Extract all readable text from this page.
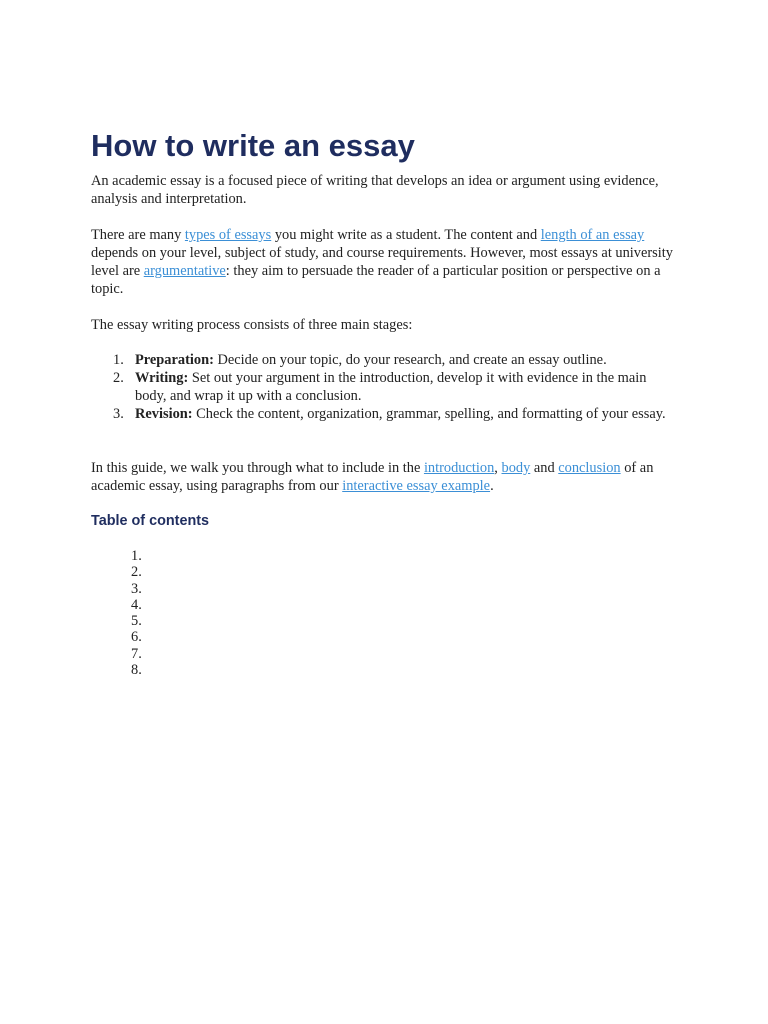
How to write an essay

An academic essay is a focused piece of writing that develops an idea or argument using evidence, analysis and interpretation.

There are many types of essays you might write as a student. The content and length of an essay depends on your level, subject of study, and course requirements. However, most essays at university level are argumentative: they aim to persuade the reader of a particular position or perspective on a topic.

The essay writing process consists of three main stages:

1. Preparation: Decide on your topic, do your research, and create an essay outline.
2. Writing: Set out your argument in the introduction, develop it with evidence in the main body, and wrap it up with a conclusion.
3. Revision: Check the content, organization, grammar, spelling, and formatting of your essay.

In this guide, we walk you through what to include in the introduction, body and conclusion of an academic essay, using paragraphs from our interactive essay example.

Table of contents
1.
2.
3.
4.
5.
6.
7.
8.
